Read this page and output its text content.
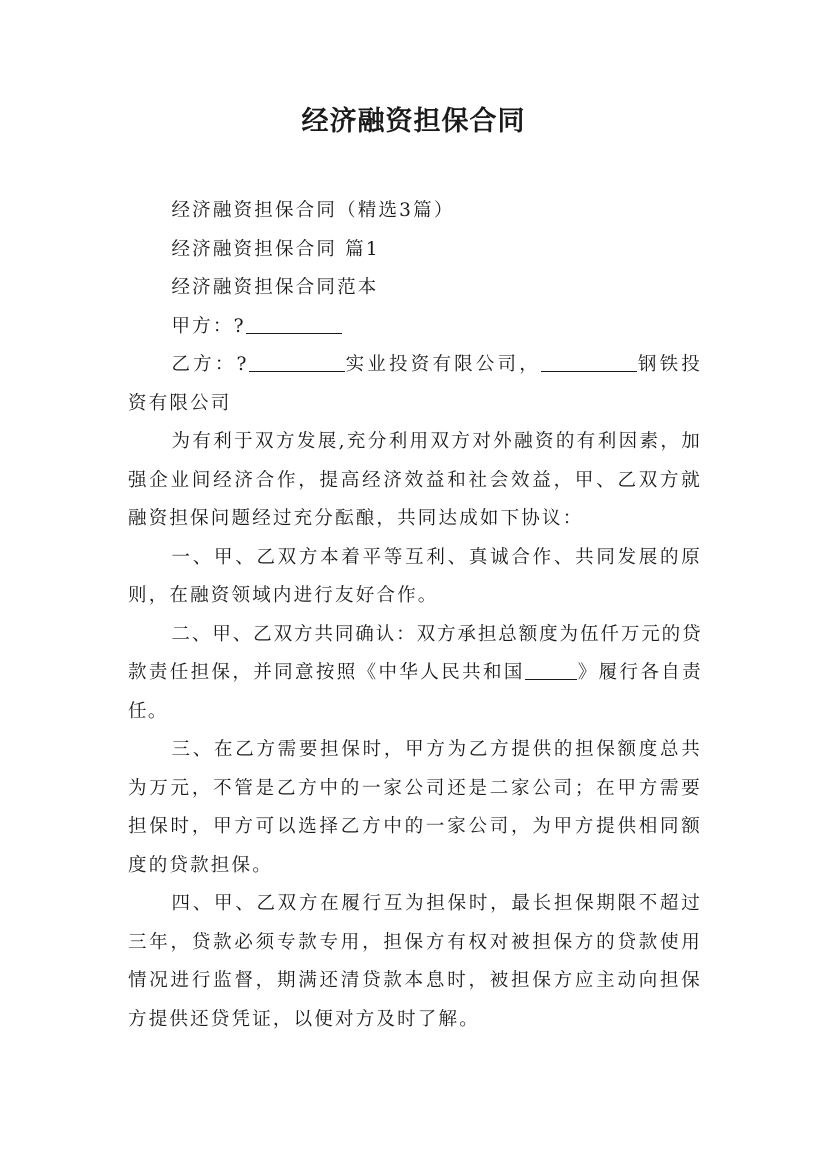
经济融资担保合同

经济融资担保合同（精选3篇）

经济融资担保合同 篇1

经济融资担保合同范本

甲方：?

乙方：?	实业投资有限公司，	钢铁投资有限公司

为有利于双方发展,充分利用双方对外融资的有利因素，加强企业间经济合作，提高经济效益和社会效益，甲、乙双方就融资担保问题经过充分酝酿，共同达成如下协议：

一、甲、乙双方本着平等互利、真诚合作、共同发展的原则，在融资领域内进行友好合作。

二、甲、乙双方共同确认：双方承担总额度为伍仟万元的贷款责任担保，并同意按照《中华人民共和国	》履行各自责任。

三、在乙方需要担保时，甲方为乙方提供的担保额度总共为万元，不管是乙方中的一家公司还是二家公司；在甲方需要担保时，甲方可以选择乙方中的一家公司，为甲方提供相同额度的贷款担保。

四、甲、乙双方在履行互为担保时，最长担保期限不超过三年，贷款必须专款专用，担保方有权对被担保方的贷款使用情况进行监督，期满还清贷款本息时，被担保方应主动向担保方提供还贷凭证，以便对方及时了解。
